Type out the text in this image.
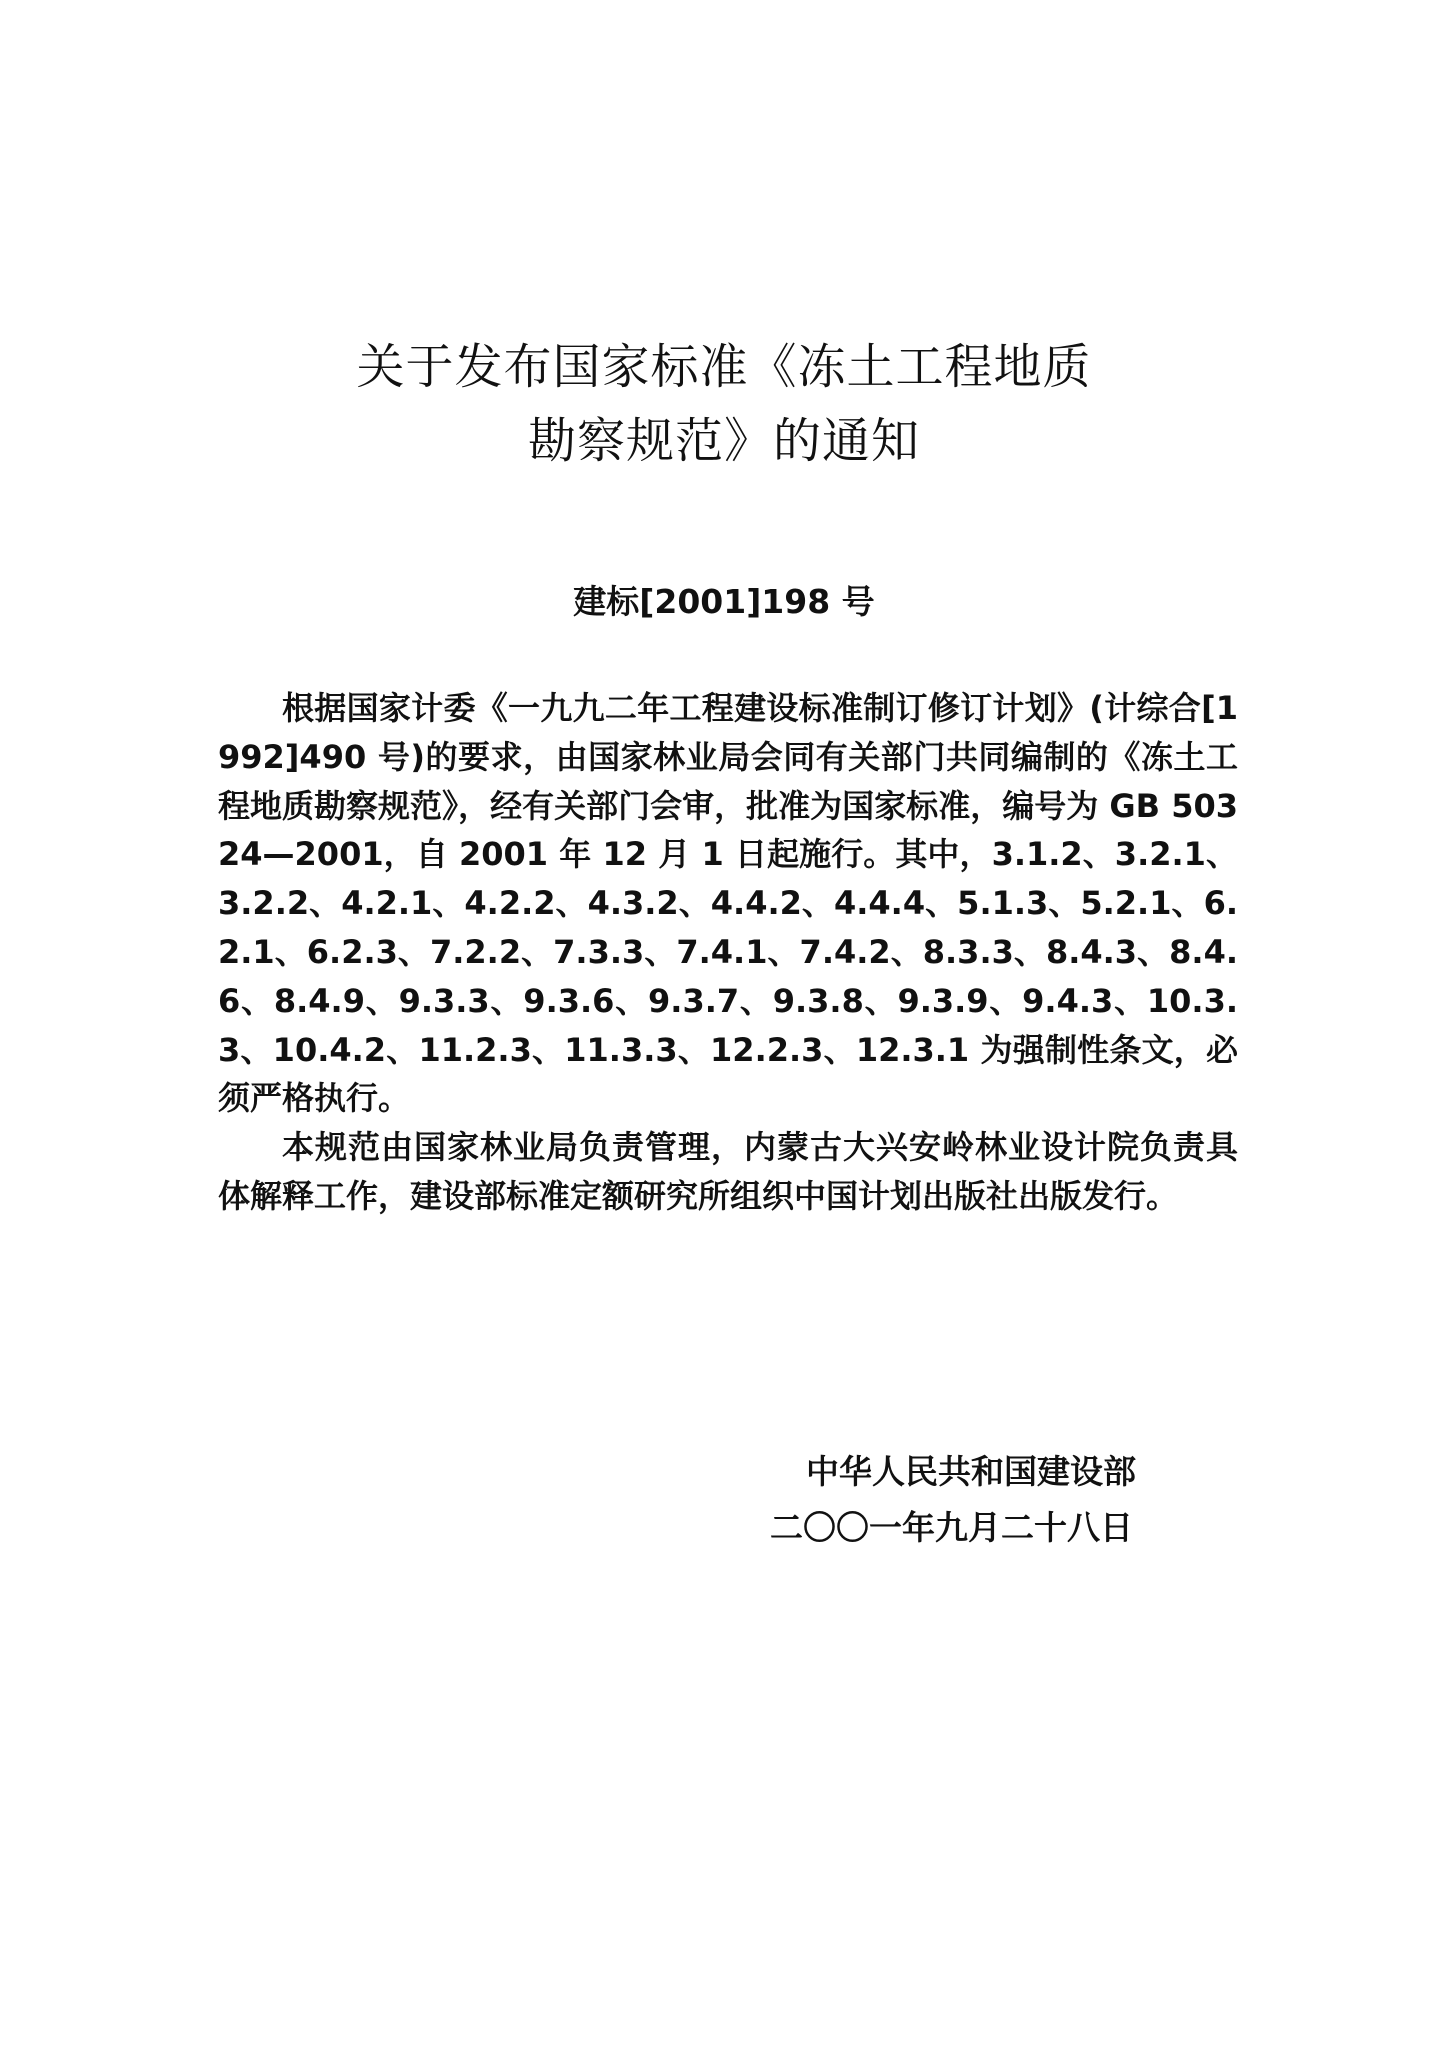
关于发布国家标准《冻土工程地质
勘察规范》的通知
建标[2001]198 号

根据国家计委《一九九二年工程建设标准制订修订计划》(计综合[1992]490 号)的要求，由国家林业局会同有关部门共同编制的《冻土工程地质勘察规范》，经有关部门会审，批准为国家标准，编号为 GB 50324—2001，自 2001 年 12 月 1 日起施行。其中，3.1.2、3.2.1、3.2.2、4.2.1、4.2.2、4.3.2、4.4.2、4.4.4、5.1.3、5.2.1、6.2.1、6.2.3、7.2.2、7.3.3、7.4.1、7.4.2、8.3.3、8.4.3、8.4.6、8.4.9、9.3.3、9.3.6、9.3.7、9.3.8、9.3.9、9.4.3、10.3.3、10.4.2、11.2.3、11.3.3、12.2.3、12.3.1 为强制性条文，必须严格执行。

本规范由国家林业局负责管理，内蒙古大兴安岭林业设计院负责具体解释工作，建设部标准定额研究所组织中国计划出版社出版发行。

中华人民共和国建设部
二〇〇一年九月二十八日
